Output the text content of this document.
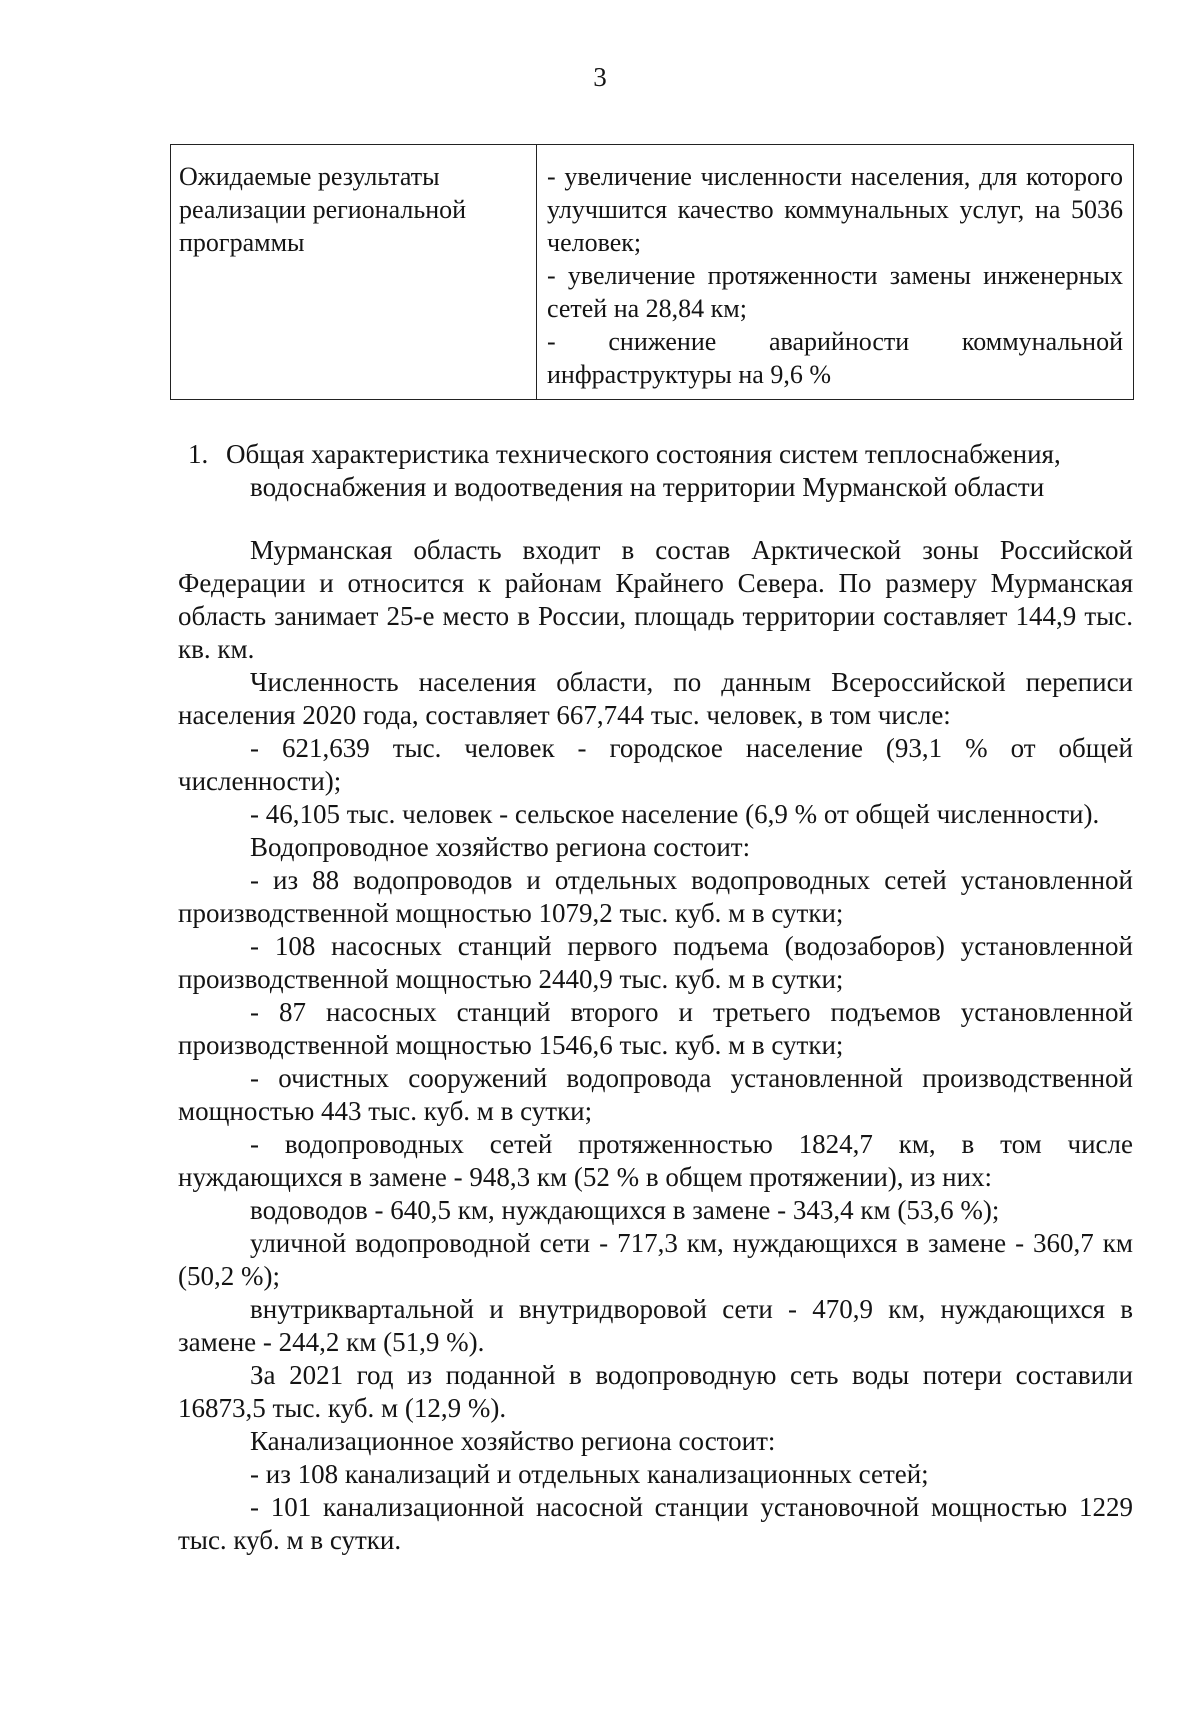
3
Ожидаемые результаты реализации региональной программы
- увеличение численности населения, для которого улучшится качество коммунальных услуг, на 5036 человек;
- увеличение протяженности замены инженерных сетей на 28,84 км;
- снижение аварийности коммунальной инфраструктуры на 9,6 %
1. Общая характеристика технического состояния систем теплоснабжения,
водоснабжения и водоотведения на территории Мурманской области

Мурманская область входит в состав Арктической зоны Российской Федерации и относится к районам Крайнего Севера. По размеру Мурманская область занимает 25-е место в России, площадь территории составляет 144,9 тыс. кв. км.

Численность населения области, по данным Всероссийской переписи населения 2020 года, составляет 667,744 тыс. человек, в том числе:

- 621,639 тыс. человек - городское население (93,1 % от общей численности);

- 46,105 тыс. человек - сельское население (6,9 % от общей численности).

Водопроводное хозяйство региона состоит:

- из 88 водопроводов и отдельных водопроводных сетей установленной производственной мощностью 1079,2 тыс. куб. м в сутки;

- 108 насосных станций первого подъема (водозаборов) установленной производственной мощностью 2440,9 тыс. куб. м в сутки;

- 87 насосных станций второго и третьего подъемов установленной производственной мощностью 1546,6 тыс. куб. м в сутки;

- очистных сооружений водопровода установленной производственной мощностью 443 тыс. куб. м в сутки;

- водопроводных сетей протяженностью 1824,7 км, в том числе нуждающихся в замене - 948,3 км (52 % в общем протяжении), из них:

водоводов - 640,5 км, нуждающихся в замене - 343,4 км (53,6 %);

уличной водопроводной сети - 717,3 км, нуждающихся в замене - 360,7 км (50,2 %);

внутриквартальной и внутридворовой сети - 470,9 км, нуждающихся в замене - 244,2 км (51,9 %).

За 2021 год из поданной в водопроводную сеть воды потери составили 16873,5 тыс. куб. м (12,9 %).

Канализационное хозяйство региона состоит:

- из 108 канализаций и отдельных канализационных сетей;

- 101 канализационной насосной станции установочной мощностью 1229 тыс. куб. м в сутки.
